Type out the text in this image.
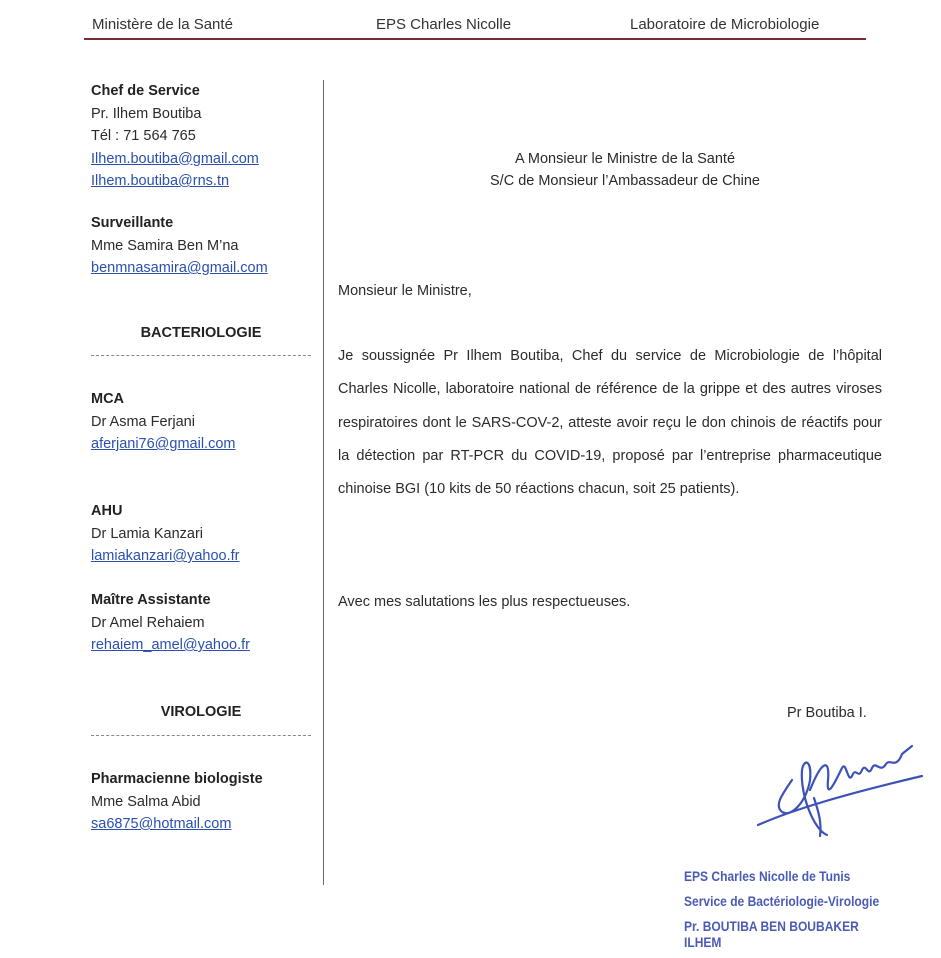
Ministère de la Santé	EPS Charles Nicolle	Laboratoire de Microbiologie
Chef de Service
Pr. Ilhem Boutiba
Tél : 71 564 765
Ilhem.boutiba@gmail.com
Ilhem.boutiba@rns.tn
Surveillante
Mme Samira Ben M’na
benmnasamira@gmail.com
BACTERIOLOGIE
MCA
Dr Asma Ferjani
aferjani76@gmail.com
AHU
Dr Lamia Kanzari
lamiakanzari@yahoo.fr
Maître Assistante
Dr Amel Rehaiem
rehaiem_amel@yahoo.fr
VIROLOGIE
Pharmacienne biologiste
Mme Salma Abid
sa6875@hotmail.com
A Monsieur le Ministre de la Santé
S/C de Monsieur l’Ambassadeur de Chine
Monsieur le Ministre,
Je soussignée Pr Ilhem Boutiba, Chef du service de Microbiologie de l’hôpital Charles Nicolle, laboratoire national de référence de la grippe et des autres viroses respiratoires dont le SARS-COV-2, atteste avoir reçu le don chinois de réactifs pour la détection par RT-PCR du COVID-19, proposé par l’entreprise pharmaceutique chinoise BGI (10 kits de 50 réactions chacun, soit 25 patients).
Avec mes salutations les plus respectueuses.
Pr Boutiba I.
EPS Charles Nicolle de Tunis
Service de Bactériologie-Virologie
Pr. BOUTIBA BEN BOUBAKER ILHEM
